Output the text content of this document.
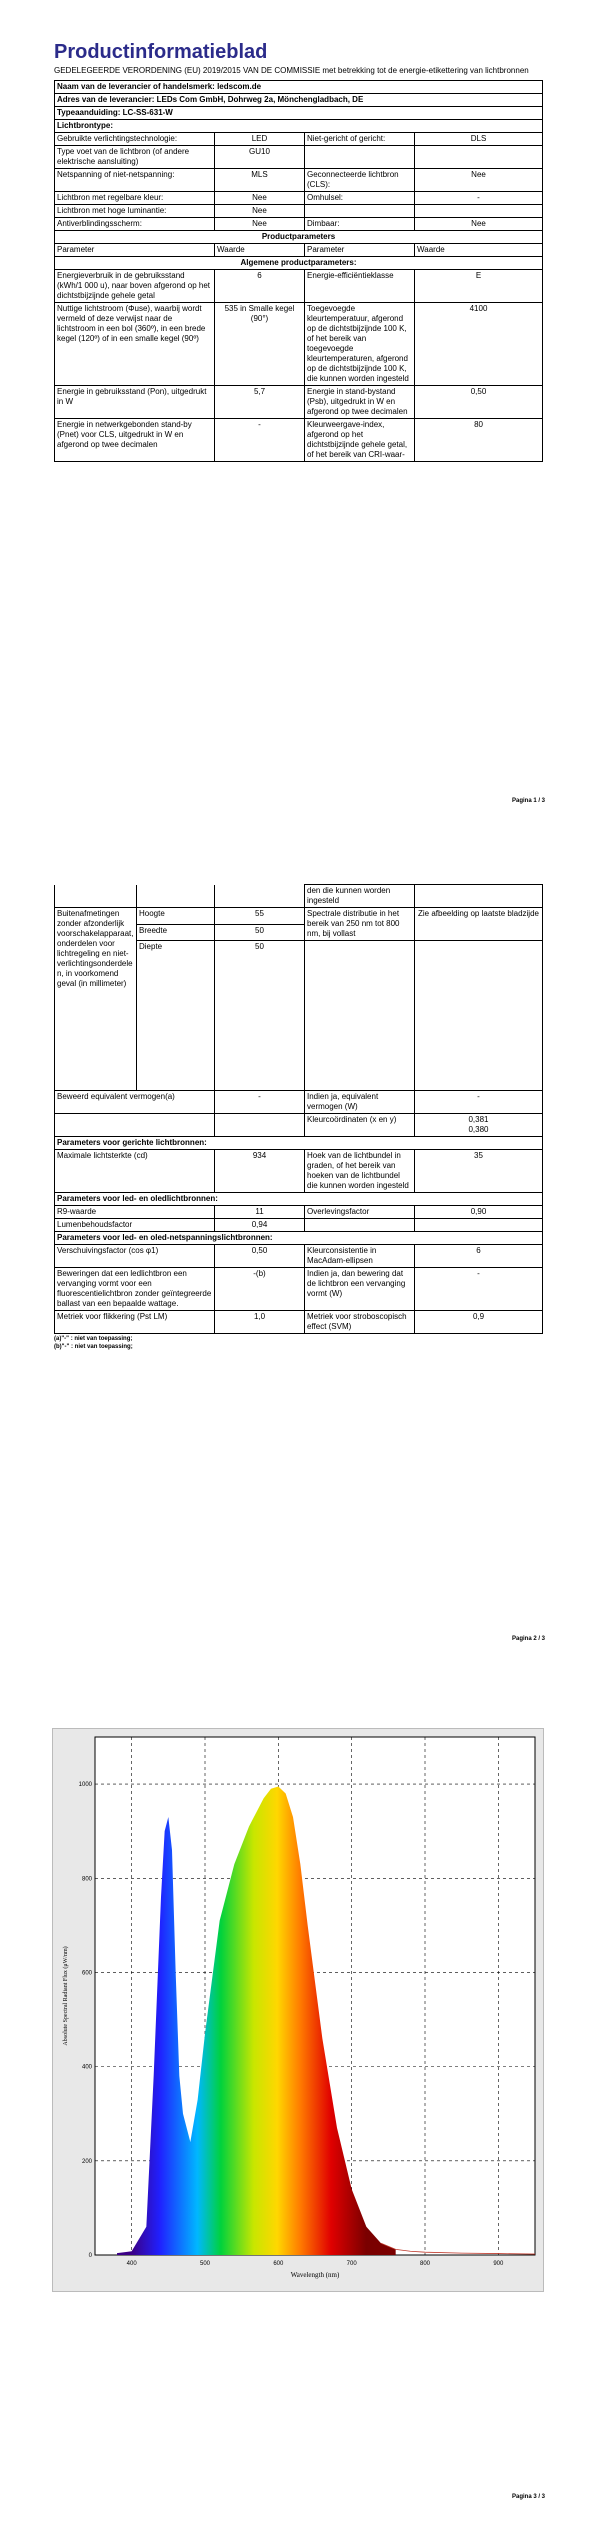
Productinformatieblad
GEDELEGEERDE VERORDENING (EU) 2019/2015 VAN DE COMMISSIE met betrekking tot de energie-etikettering van lichtbronnen
Naam van de leverancier of handelsmerk: ledscom.de			
Adres van de leverancier: LEDs Com GmbH, Dohrweg 2a, Mönchengladbach, DE			
Typeaanduiding: LC-SS-631-W			
Lichtbrontype:			
Gebruikte verlichtingstechnologie:	LED	Niet-gericht of gericht:	DLS
Type voet van de lichtbron (of andere elektrische aansluiting)	GU10		
Netspanning of niet-netspanning:	MLS	Geconnecteerde lichtbron (CLS):	Nee
Lichtbron met regelbare kleur:	Nee	Omhulsel:	-
Lichtbron met hoge luminantie:	Nee		
Antiverblindingsscherm:	Nee	Dimbaar:	Nee
Productparameters			
Parameter	Waarde	Parameter	Waarde
Algemene productparameters:			
Energieverbruik in de gebruiksstand (kWh/1 000 u), naar boven afgerond op het dichtstbijzijnde gehele getal	6	Energie-efficiëntieklasse	E
Nuttige lichtstroom (Φuse), waarbij wordt vermeld of deze verwijst naar de lichtstroom in een bol (360º), in een brede kegel (120º) of in een smalle kegel (90º)	535 in Smalle kegel (90°)	Toegevoegde kleurtemperatuur, afgerond op de dichtstbijzijnde 100 K, of het bereik van toegevoegde kleurtemperaturen, afgerond op de dichtstbijzijnde 100 K, die kunnen worden ingesteld	4100
Energie in gebruiksstand (Pon), uitgedrukt in W	5,7	Energie in stand-bystand (Psb), uitgedrukt in W en afgerond op twee decimalen	0,50
Energie in netwerkgebonden stand-by (Pnet) voor CLS, uitgedrukt in W en afgerond op twee decimalen	-	Kleurweergave-index, afgerond op het dichtstbijzijnde gehele getal, of het bereik van CRI-waar-	80
Pagina 1 / 3
			den die kunnen worden ingesteld	
Buitenafmetingen zonder afzonderlijk voorschakelapparaat, onderdelen voor lichtregeling en niet-verlichtingsonderdelen, in voorkomend geval (in millimeter)	Hoogte	55	Spectrale distributie in het bereik van 250 nm tot 800 nm, bij vollast	Zie afbeelding op laatste bladzijde
	Breedte	50		
	Diepte	50		
Beweerd equivalent vermogen(a)		-	Indien ja, equivalent vermogen (W)	-
			Kleurcoördinaten (x en y)	0,381
0,380
Parameters voor gerichte lichtbronnen:				
Maximale lichtsterkte (cd)		934	Hoek van de lichtbundel in graden, of het bereik van hoeken van de lichtbundel die kunnen worden ingesteld	35
Parameters voor led- en oledlichtbronnen:				
R9-waarde		11	Overlevingsfactor	0,90
Lumenbehoudsfactor		0,94		
Parameters voor led- en oled-netspanningslichtbronnen:				
Verschuivingsfactor (cos φ1)		0,50	Kleurconsistentie in MacAdam-ellipsen	6
Beweringen dat een ledlichtbron een vervanging vormt voor een fluorescentielichtbron zonder geïntegreerde ballast van een bepaalde wattage.		-(b)	Indien ja, dan bewering dat de lichtbron een vervanging vormt (W)	-
Metriek voor flikkering (Pst LM)		1,0	Metriek voor stroboscopisch effect (SVM)	0,9
(a)"-" : niet van toepassing;
(b)"-" : niet van toepassing;
Pagina 2 / 3
400	500	600	700	800	900
0
200
400
600
800
1000
Wavelength (nm)
Absolute Spectral Radiant Flux (μW/nm)
Pagina 3 / 3
